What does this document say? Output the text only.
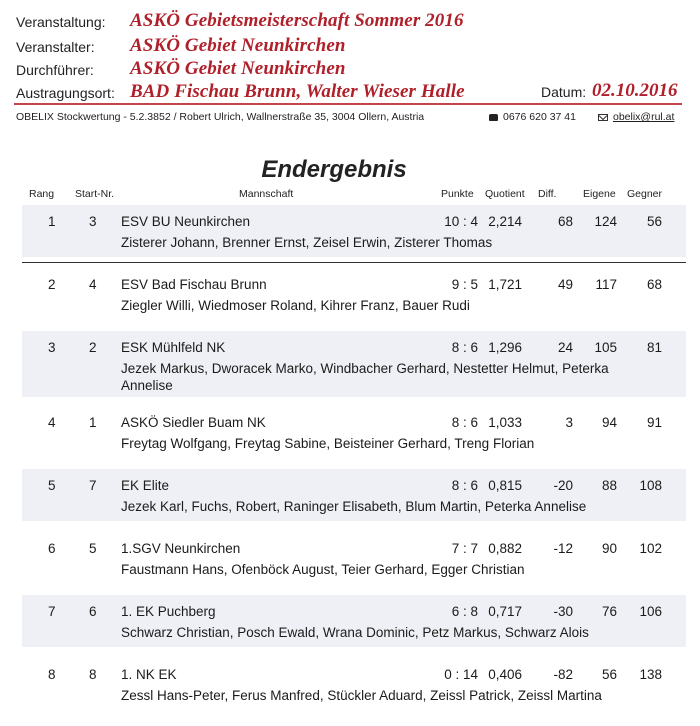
Veranstaltung: ASKÖ Gebietsmeisterschaft Sommer 2016
Veranstalter: ASKÖ Gebiet Neunkirchen
Durchführer: ASKÖ Gebiet Neunkirchen
Austragungsort: BAD Fischau Brunn, Walter Wieser Halle	Datum: 02.10.2016
OBELIX Stockwertung - 5.2.3852 / Robert Ulrich, Wallnerstraße 35, 3004 Ollern, Austria	0676 620 37 41	obelix@rul.at
Endergebnis
Rang Start-Nr.	Mannschaft	Punkte Quotient Diff.	Eigene Gegner
1 3 ESV BU Neunkirchen	10 : 4 2,214	68 124 56
Zisterer Johann, Brenner Ernst, Zeisel Erwin, Zisterer Thomas
2 4 ESV Bad Fischau Brunn	9 : 5 1,721	49 117 68
Ziegler Willi, Wiedmoser Roland, Kihrer Franz, Bauer Rudi
3 2 ESK Mühlfeld NK	8 : 6 1,296	24 105 81
Jezek Markus, Dworacek Marko, Windbacher Gerhard, Nestetter Helmut, Peterka Annelise
4 1 ASKÖ Siedler Buam NK	8 : 6 1,033	3 94 91
Freytag Wolfgang, Freytag Sabine, Beisteiner Gerhard, Treng Florian
5 7 EK Elite	8 : 6 0,815 -20 88 108
Jezek Karl, Fuchs, Robert, Raninger Elisabeth, Blum Martin, Peterka Annelise
6 5 1.SGV Neunkirchen	7 : 7 0,882 -12 90 102
Faustmann Hans, Ofenböck August, Teier Gerhard, Egger Christian
7 6 1. EK Puchberg	6 : 8 0,717 -30 76 106
Schwarz Christian, Posch Ewald, Wrana Dominic, Petz Markus, Schwarz Alois
8 8 1. NK EK	0 : 14 0,406 -82 56 138
Zessl Hans-Peter, Ferus Manfred, Stückler Aduard, Zeissl Patrick, Zeissl Martina
